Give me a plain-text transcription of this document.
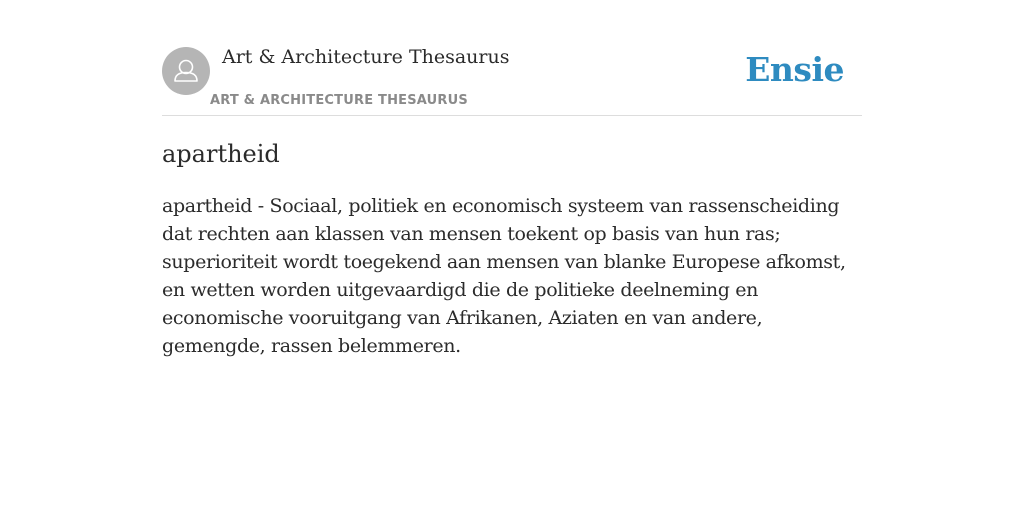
Art & Architecture Thesaurus
ART & ARCHITECTURE THESAURUS
Ensie
apartheid

apartheid - Sociaal, politiek en economisch systeem van rassenscheiding dat rechten aan klassen van mensen toekent op basis van hun ras; superioriteit wordt toegekend aan mensen van blanke Europese afkomst, en wetten worden uitgevaardigd die de politieke deelneming en economische vooruitgang van Afrikanen, Aziaten en van andere, gemengde, rassen belemmeren.
